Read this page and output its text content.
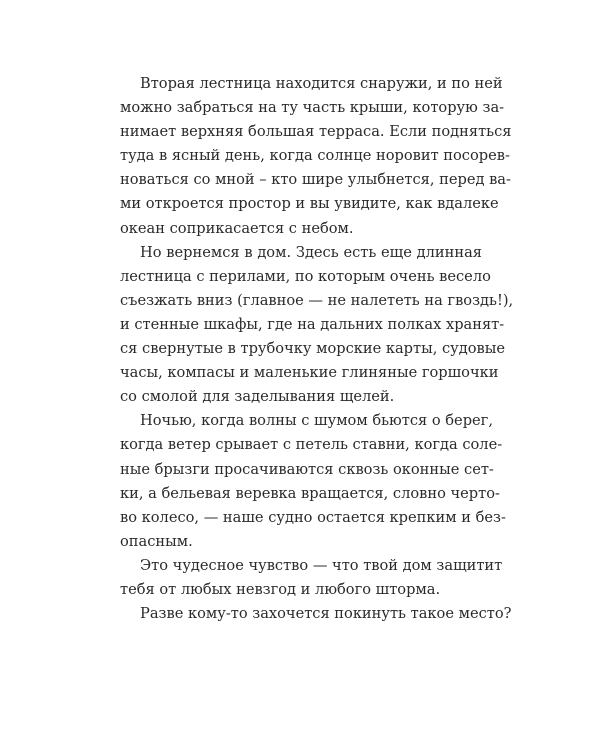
Вторая лестница находится снаружи, и по ней
можно забраться на ту часть крыши, которую за-
нимает верхняя большая терраса. Если подняться
туда в ясный день, когда солнце норовит посорев-
новаться со мной – кто шире улыбнется, перед ва-
ми откроется простор и вы увидите, как вдалеке
океан соприкасается с небом.

Но вернемся в дом. Здесь есть еще длинная
лестница с перилами, по которым очень весело
съезжать вниз (главное — не налететь на гвоздь!),
и стенные шкафы, где на дальних полках хранят-
ся свернутые в трубочку морские карты, судовые
часы, компасы и маленькие глиняные горшочки
со смолой для заделывания щелей.

Ночью, когда волны с шумом бьются о берег,
когда ветер срывает с петель ставни, когда соле-
ные брызги просачиваются сквозь оконные сет-
ки, а бельевая веревка вращается, словно черто-
во колесо, — наше судно остается крепким и без-
опасным.

Это чудесное чувство — что твой дом защитит
тебя от любых невзгод и любого шторма.

Разве кому-то захочется покинуть такое место?
